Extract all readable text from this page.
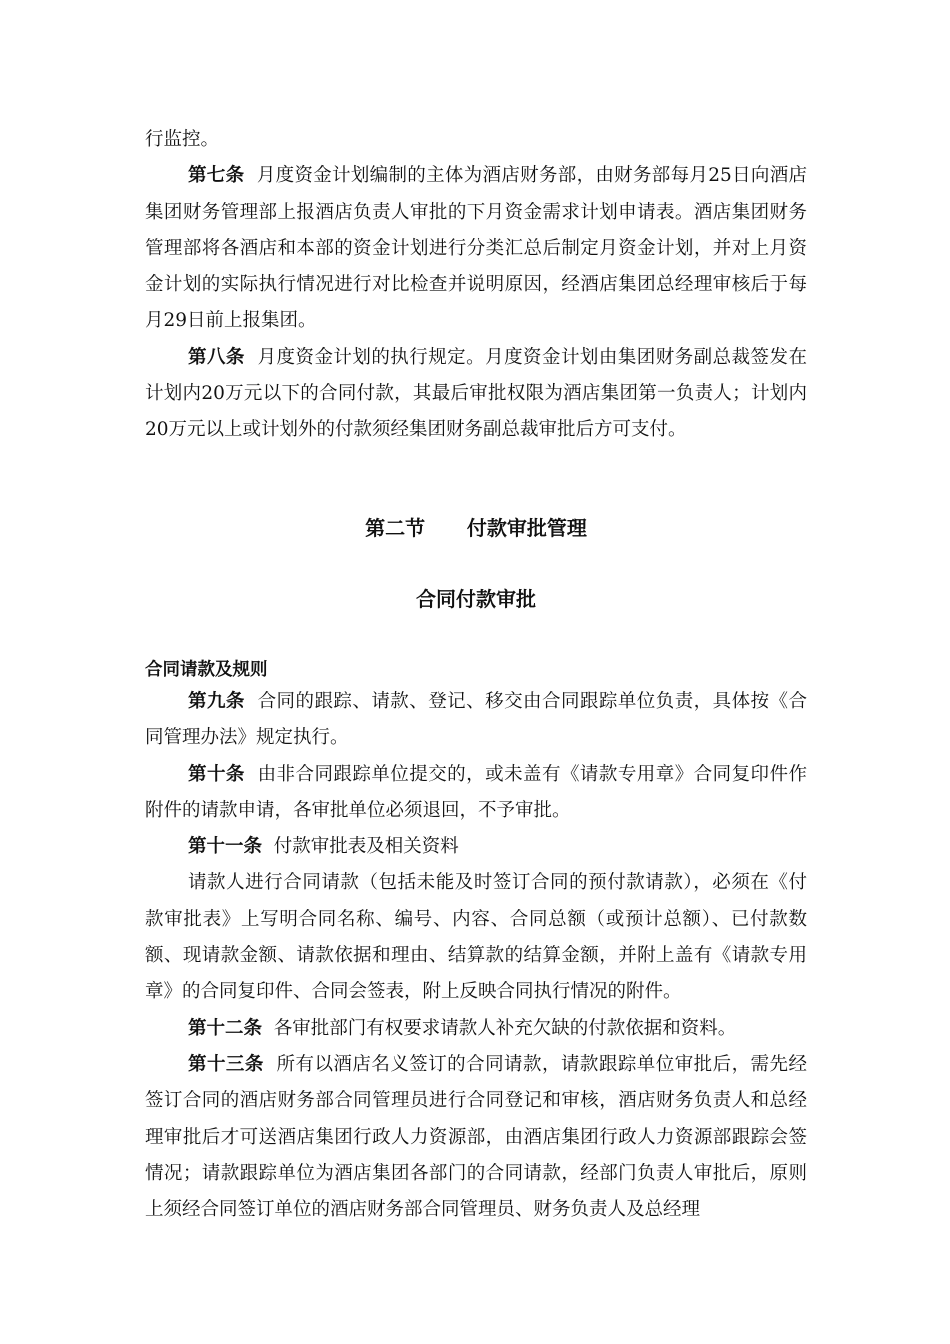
行监控。

第七条 月度资金计划编制的主体为酒店财务部，由财务部每月25日向酒店集团财务管理部上报酒店负责人审批的下月资金需求计划申请表。酒店集团财务管理部将各酒店和本部的资金计划进行分类汇总后制定月资金计划，并对上月资金计划的实际执行情况进行对比检查并说明原因，经酒店集团总经理审核后于每月29日前上报集团。

第八条 月度资金计划的执行规定。月度资金计划由集团财务副总裁签发在计划内20万元以下的合同付款，其最后审批权限为酒店集团第一负责人；计划内20万元以上或计划外的付款须经集团财务副总裁审批后方可支付。

第二节      付款审批管理

合同付款审批

合同请款及规则

第九条 合同的跟踪、请款、登记、移交由合同跟踪单位负责，具体按《合同管理办法》规定执行。

第十条 由非合同跟踪单位提交的，或未盖有《请款专用章》合同复印件作附件的请款申请，各审批单位必须退回，不予审批。

第十一条 付款审批表及相关资料

请款人进行合同请款（包括未能及时签订合同的预付款请款），必须在《付款审批表》上写明合同名称、编号、内容、合同总额（或预计总额）、已付款数额、现请款金额、请款依据和理由、结算款的结算金额，并附上盖有《请款专用章》的合同复印件、合同会签表，附上反映合同执行情况的附件。

第十二条 各审批部门有权要求请款人补充欠缺的付款依据和资料。

第十三条 所有以酒店名义签订的合同请款，请款跟踪单位审批后，需先经签订合同的酒店财务部合同管理员进行合同登记和审核，酒店财务负责人和总经理审批后才可送酒店集团行政人力资源部，由酒店集团行政人力资源部跟踪会签情况；请款跟踪单位为酒店集团各部门的合同请款，经部门负责人审批后，原则上须经合同签订单位的酒店财务部合同管理员、财务负责人及总经理
